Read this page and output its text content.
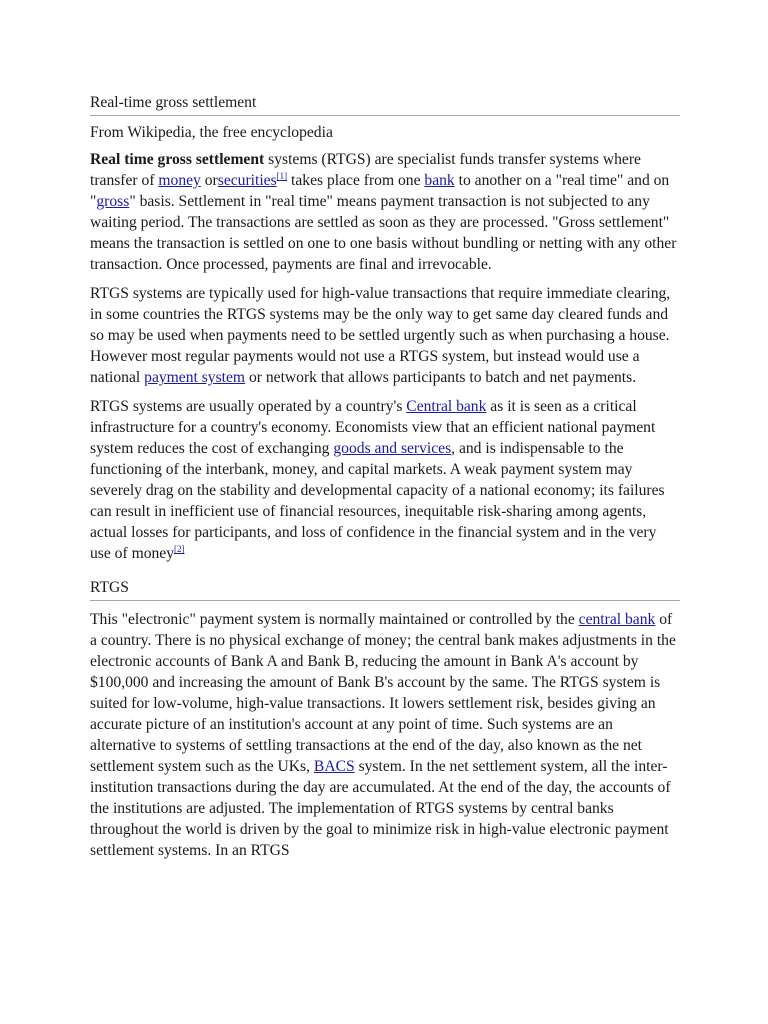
Real-time gross settlement
From Wikipedia, the free encyclopedia

Real time gross settlement systems (RTGS) are specialist funds transfer systems where transfer of money orsecurities[1] takes place from one bank to another on a "real time" and on "gross" basis. Settlement in "real time" means payment transaction is not subjected to any waiting period. The transactions are settled as soon as they are processed. "Gross settlement" means the transaction is settled on one to one basis without bundling or netting with any other transaction. Once processed, payments are final and irrevocable.

RTGS systems are typically used for high-value transactions that require immediate clearing, in some countries the RTGS systems may be the only way to get same day cleared funds and so may be used when payments need to be settled urgently such as when purchasing a house. However most regular payments would not use a RTGS system, but instead would use a national payment system or network that allows participants to batch and net payments.

RTGS systems are usually operated by a country's Central bank as it is seen as a critical infrastructure for a country's economy. Economists view that an efficient national payment system reduces the cost of exchanging goods and services, and is indispensable to the functioning of the interbank, money, and capital markets. A weak payment system may severely drag on the stability and developmental capacity of a national economy; its failures can result in inefficient use of financial resources, inequitable risk-sharing among agents, actual losses for participants, and loss of confidence in the financial system and in the very use of money[2]

RTGS

This "electronic" payment system is normally maintained or controlled by the central bank of a country. There is no physical exchange of money; the central bank makes adjustments in the electronic accounts of Bank A and Bank B, reducing the amount in Bank A's account by $100,000 and increasing the amount of Bank B's account by the same. The RTGS system is suited for low-volume, high-value transactions. It lowers settlement risk, besides giving an accurate picture of an institution's account at any point of time. Such systems are an alternative to systems of settling transactions at the end of the day, also known as the net settlement system such as the UKs, BACS system. In the net settlement system, all the inter-institution transactions during the day are accumulated. At the end of the day, the accounts of the institutions are adjusted. The implementation of RTGS systems by central banks throughout the world is driven by the goal to minimize risk in high-value electronic payment settlement systems. In an RTGS
